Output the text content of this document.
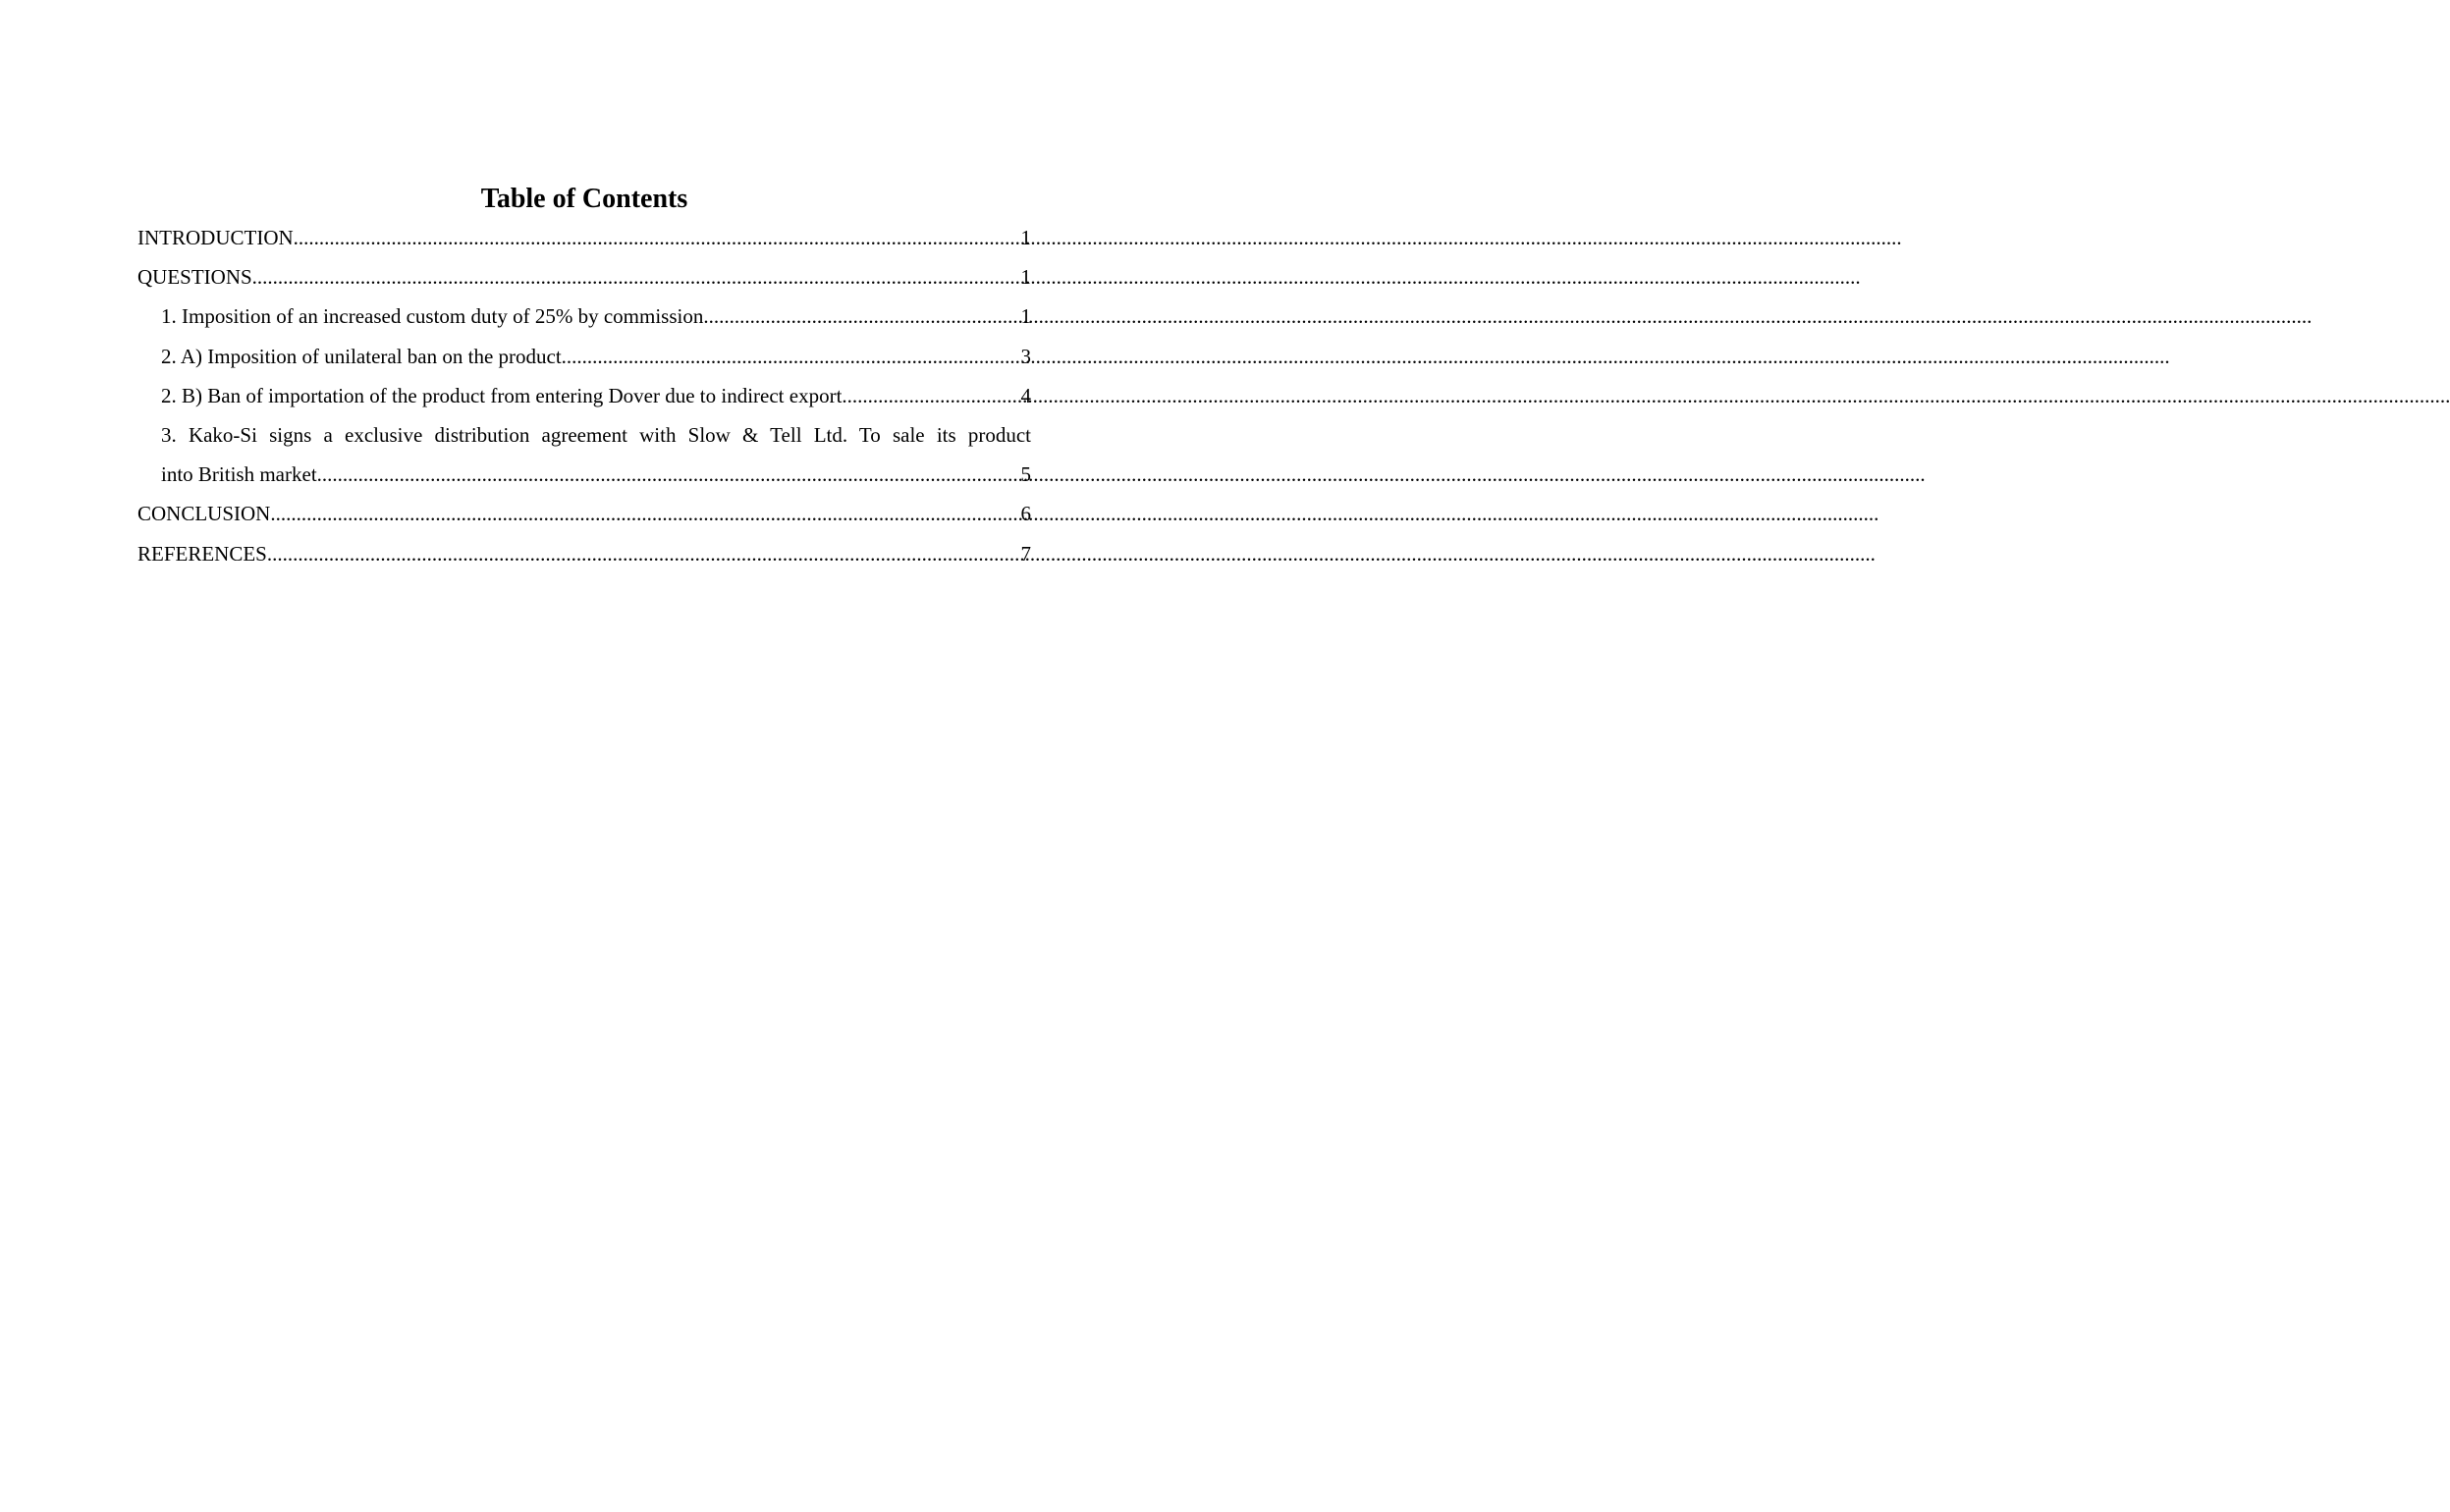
Table of Contents
INTRODUCTION .....	1
QUESTIONS .....	1
1. Imposition of an increased custom duty of 25% by commission .....	1
2. A) Imposition of unilateral ban on the product .....	3
2. B) Ban of importation of the product from entering Dover due to indirect export .....	4
3. Kako-Si signs a exclusive distribution agreement with Slow & Tell Ltd. To sale its product
into British market .....	5
CONCLUSION .....	6
REFERENCES .....	7
